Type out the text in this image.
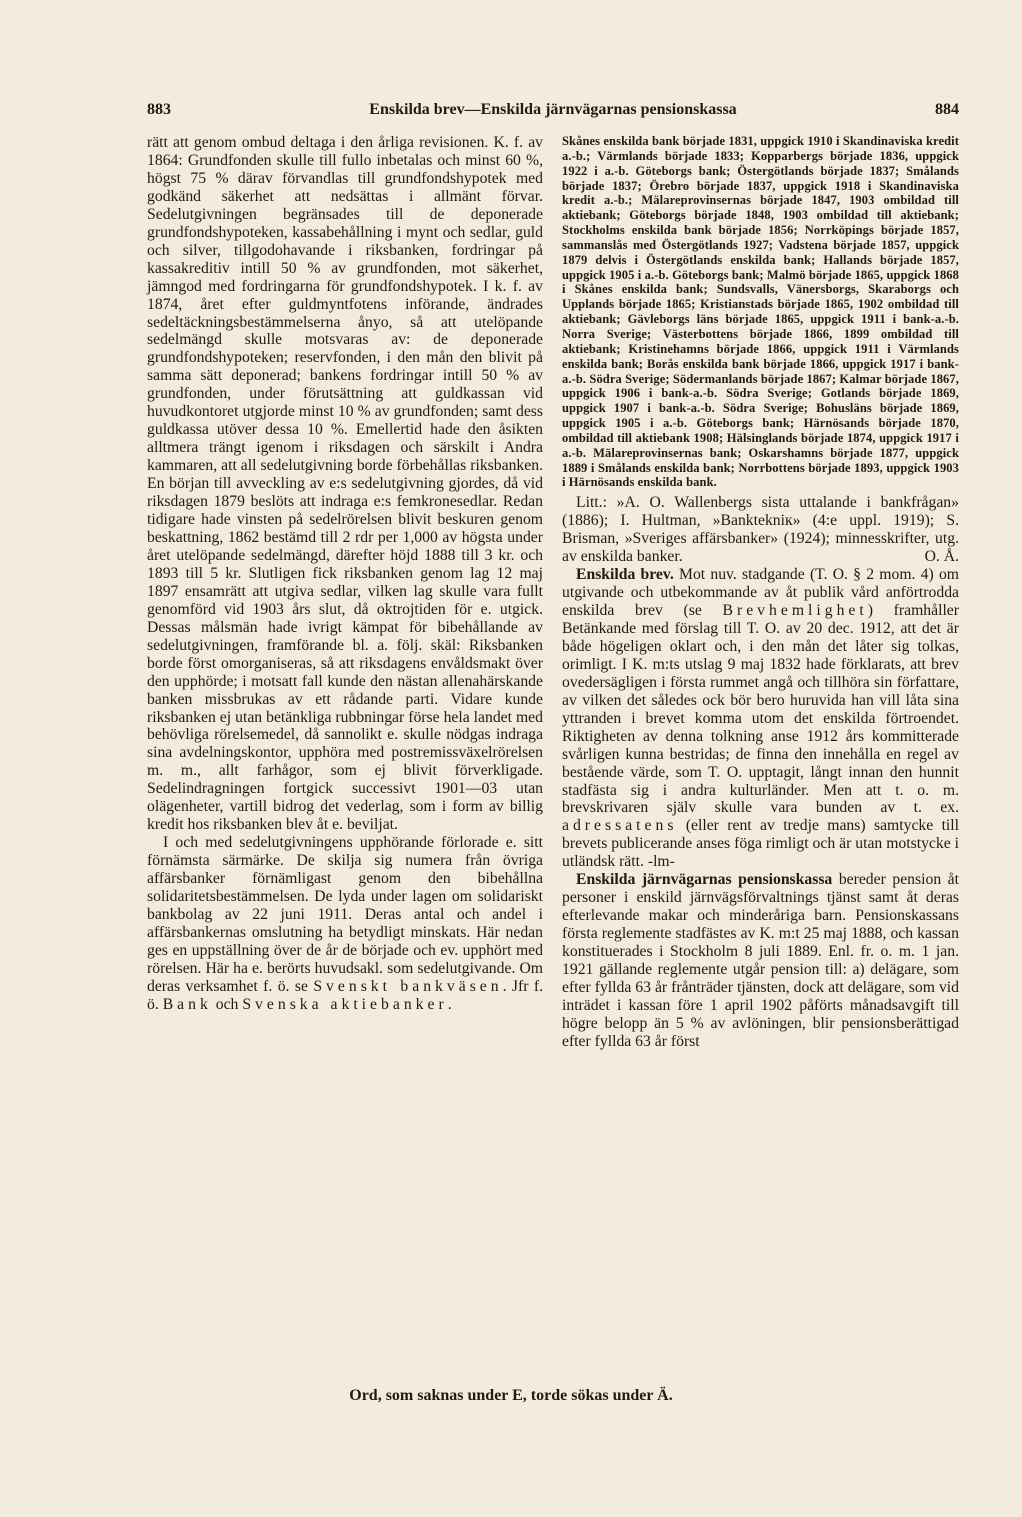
883	Enskilda brev—Enskilda järnvägarnas pensionskassa	884

rätt att genom ombud deltaga i den årliga revisionen. K. f. av 1864: Grundfonden skulle till fullo inbetalas och minst 60 %, högst 75 % därav förvandlas till grundfondshypotek med godkänd säkerhet att nedsättas i allmänt förvar. Sedelutgivningen begränsades till de deponerade grundfondshypoteken, kassabehållning i mynt och sedlar, guld och silver, tillgodohavande i riksbanken, fordringar på kassakreditiv intill 50 % av grundfonden, mot säkerhet, jämngod med fordringarna för grundfondshypotek. I k. f. av 1874, året efter guldmyntfotens införande, ändrades sedeltäckningsbestämmelserna ånyo, så att utelöpande sedelmängd skulle motsvaras av: de deponerade grundfondshypoteken; reservfonden, i den mån den blivit på samma sätt deponerad; bankens fordringar intill 50 % av grundfonden, under förutsättning att guldkassan vid huvudkontoret utgjorde minst 10 % av grundfonden; samt dess guldkassa utöver dessa 10 %. Emellertid hade den åsikten alltmera trängt igenom i riksdagen och särskilt i Andra kammaren, att all sedelutgivning borde förbehållas riksbanken. En början till avveckling av e:s sedelutgivning gjordes, då vid riksdagen 1879 beslöts att indraga e:s femkronesedlar. Redan tidigare hade vinsten på sedelrörelsen blivit beskuren genom beskattning, 1862 bestämd till 2 rdr per 1,000 av högsta under året utelöpande sedelmängd, därefter höjd 1888 till 3 kr. och 1893 till 5 kr. Slutligen fick riksbanken genom lag 12 maj 1897 ensamrätt att utgiva sedlar, vilken lag skulle vara fullt genomförd vid 1903 års slut, då oktrojtiden för e. utgick. Dessas målsmän hade ivrigt kämpat för bibehållande av sedelutgivningen, framförande bl. a. följ. skäl: Riksbanken borde först omorganiseras, så att riksdagens envåldsmakt över den upphörde; i motsatt fall kunde den nästan allenahärskande banken missbrukas av ett rådande parti. Vidare kunde riksbanken ej utan betänkliga rubbningar förse hela landet med behövliga rörelsemedel, då sannolikt e. skulle nödgas indraga sina avdelningskontor, upphöra med postremissväxelrörelsen m. m., allt farhågor, som ej blivit förverkligade. Sedelindragningen fortgick successivt 1901—03 utan olägenheter, vartill bidrog det vederlag, som i form av billig kredit hos riksbanken blev åt e. beviljat.

I och med sedelutgivningens upphörande förlorade e. sitt förnämsta särmärke. De skilja sig numera från övriga affärsbanker förnämligast genom den bibehållna solidaritetsbestämmelsen. De lyda under lagen om solidariskt bankbolag av 22 juni 1911. Deras antal och andel i affärsbankernas omslutning ha betydligt minskats. Här nedan ges en uppställning över de år de började och ev. upphört med rörelsen. Här ha e. berörts huvudsakl. som sedelutgivande. Om deras verksamhet f. ö. se Svenskt bankväsen. Jfr f. ö. Bank och Svenska aktiebanker.

Skånes enskilda bank började 1831, uppgick 1910 i Skandinaviska kredit a.-b.; Värmlands började 1833; Kopparbergs började 1836, uppgick 1922 i a.-b. Göteborgs bank; Östergötlands började 1837; Smålands började 1837; Örebro började 1837, uppgick 1918 i Skandinaviska kredit a.-b.; Mälareprovinsernas började 1847, 1903 ombildad till aktiebank; Göteborgs började 1848, 1903 ombildad till aktiebank; Stockholms enskilda bank började 1856; Norrköpings började 1857, sammanslås med Östergötlands 1927; Vadstena började 1857, uppgick 1879 delvis i Östergötlands enskilda bank; Hallands började 1857, uppgick 1905 i a.-b. Göteborgs bank; Malmö började 1865, uppgick 1868 i Skånes enskilda bank; Sundsvalls, Vänersborgs, Skaraborgs och Upplands började 1865; Kristianstads började 1865, 1902 ombildad till aktiebank; Gävleborgs läns började 1865, uppgick 1911 i bank-a.-b. Norra Sverige; Västerbottens började 1866, 1899 ombildad till aktiebank; Kristinehamns började 1866, uppgick 1911 i Värmlands enskilda bank; Borås enskilda bank började 1866, uppgick 1917 i bank-a.-b. Södra Sverige; Södermanlands började 1867; Kalmar började 1867, uppgick 1906 i bank-a.-b. Södra Sverige; Gotlands började 1869, uppgick 1907 i bank-a.-b. Södra Sverige; Bohusläns började 1869, uppgick 1905 i a.-b. Göteborgs bank; Härnösands började 1870, ombildad till aktiebank 1908; Hälsinglands började 1874, uppgick 1917 i a.-b. Mälareprovinsernas bank; Oskarshamns började 1877, uppgick 1889 i Smålands enskilda bank; Norrbottens började 1893, uppgick 1903 i Härnösands enskilda bank.

Litt.: »A. O. Wallenbergs sista uttalande i bankfrågan» (1886); I. Hultman, »Banktekniк» (4:e uppl. 1919); S. Brisman, »Sveriges affärsbanker» (1924); minnesskrifter, utg. av enskilda banker.	O. Å.

Enskilda brev. Mot nuv. stadgande (T. O. § 2 mom. 4) om utgivande och utbekommande av åt publik vård anförtrodda enskilda brev (se Brevhemlighet) framhåller Betänkande med förslag till T. O. av 20 dec. 1912, att det är både högeligen oklart och, i den mån det låter sig tolkas, orimligt. I K. m:ts utslag 9 maj 1832 hade förklarats, att brev ovedersägligen i första rummet angå och tillhöra sin författare, av vilken det således ock bör bero huruvida han vill låta sina yttranden i brevet komma utom det enskilda förtroendet. Riktigheten av denna tolkning anse 1912 års kommitterade svårligen kunna bestridas; de finna den innehålla en regel av bestående värde, som T. O. upptagit, långt innan den hunnit stadfästa sig i andra kulturländer. Men att t. o. m. brevskrivaren själv skulle vara bunden av t. ex. adressatens (eller rent av tredje mans) samtycke till brevets publicerande anses föga rimligt och är utan motstycke i utländsk rätt. -lm-

Enskilda järnvägarnas pensionskassa bereder pension åt personer i enskild järnvägsförvaltnings tjänst samt åt deras efterlevande makar och minderåriga barn. Pensionskassans första reglemente stadfästes av K. m:t 25 maj 1888, och kassan konstituerades i Stockholm 8 juli 1889. Enl. fr. o. m. 1 jan. 1921 gällande reglemente utgår pension till: a) delägare, som efter fyllda 63 år frånträder tjänsten, dock att delägare, som vid inträdet i kassan före 1 april 1902 påförts månadsavgift till högre belopp än 5 % av avlöningen, blir pensionsberättigad efter fyllda 63 år först

Ord, som saknas under E, torde sökas under Ä.
